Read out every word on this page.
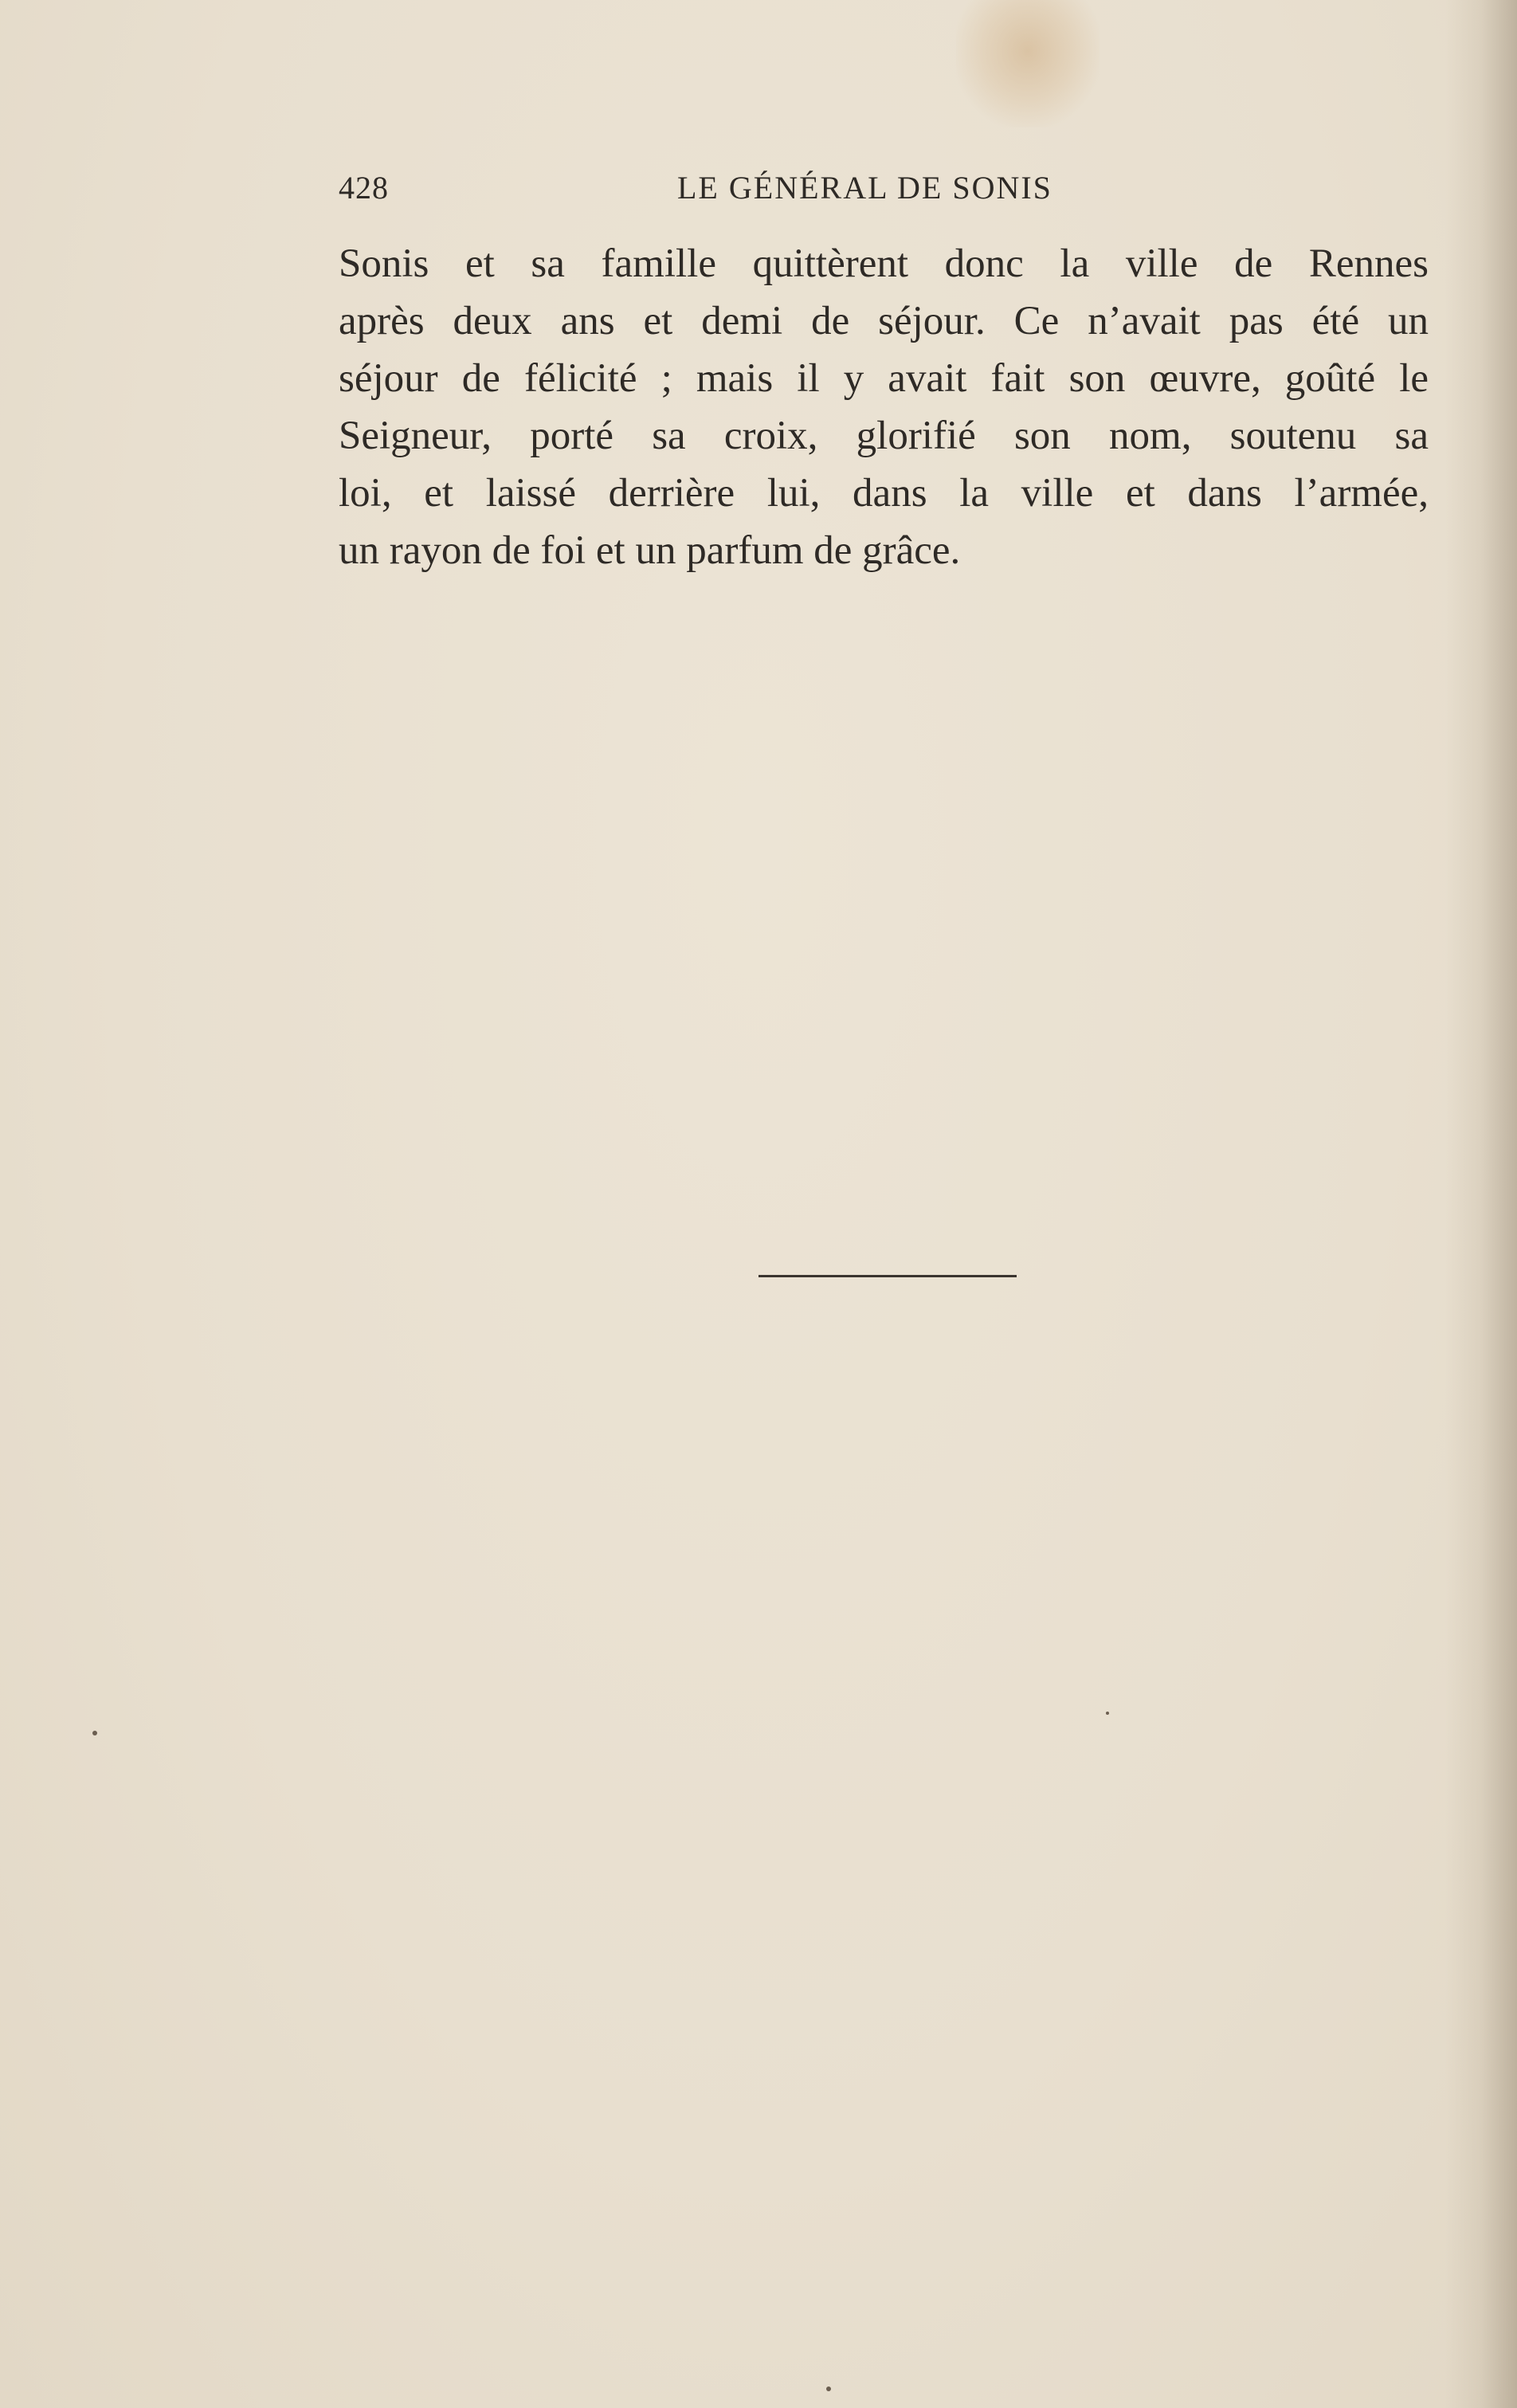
428	LE GÉNÉRAL DE SONIS
Sonis et sa famille quittèrent donc la ville de Rennes
après deux ans et demi de séjour. Ce n’avait pas été un
séjour de félicité ; mais il y avait fait son œuvre, goûté le
Seigneur, porté sa croix, glorifié son nom, soutenu sa
loi, et laissé derrière lui, dans la ville et dans l’armée,
un rayon de foi et un parfum de grâce.
